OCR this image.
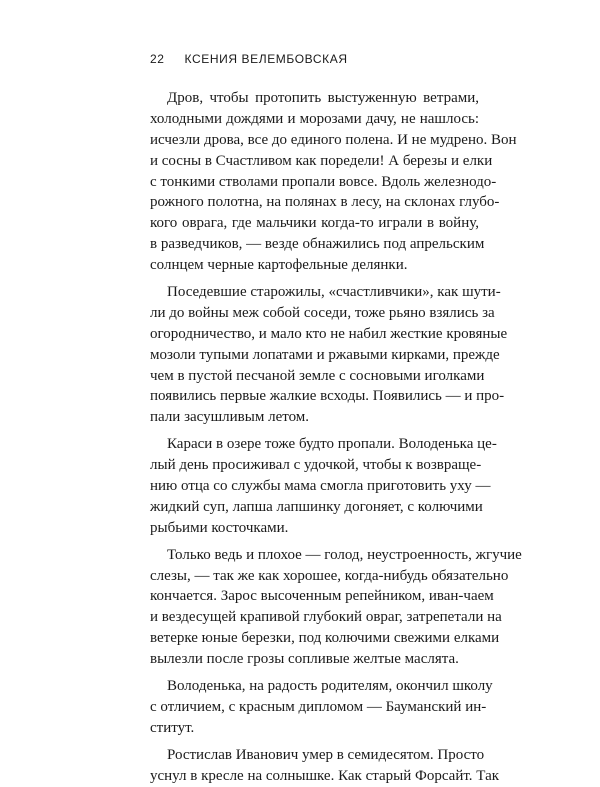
22 КСЕНИЯ ВЕЛЕМБОВСКАЯ
Дров, чтобы протопить выстуженную ветрами,
холодными дождями и морозами дачу, не нашлось:
исчезли дрова, все до единого полена. И не мудрено. Вон
и сосны в Счастливом как поредели! А березы и елки
с тонкими стволами пропали вовсе. Вдоль железнодо-
рожного полотна, на полянах в лесу, на склонах глубо-
кого оврага, где мальчики когда-то играли в войну,
в разведчиков, — везде обнажились под апрельским
солнцем черные картофельные делянки.
Поседевшие старожилы, «счастливчики», как шути-
ли до войны меж собой соседи, тоже рьяно взялись за
огородничество, и мало кто не набил жесткие кровяные
мозоли тупыми лопатами и ржавыми кирками, прежде
чем в пустой песчаной земле с сосновыми иголками
появились первые жалкие всходы. Появились — и про-
пали засушливым летом.
Караси в озере тоже будто пропали. Володенька це-
лый день просиживал с удочкой, чтобы к возвраще-
нию отца со службы мама смогла приготовить уху —
жидкий суп, лапша лапшинку догоняет, с колючими
рыбьими косточками.
Только ведь и плохое — голод, неустроенность, жгучие
слезы, — так же как хорошее, когда-нибудь обязательно
кончается. Зарос высоченным репейником, иван-чаем
и вездесущей крапивой глубокий овраг, затрепетали на
ветерке юные березки, под колючими свежими елками
вылезли после грозы сопливые желтые маслята.
Володенька, на радость родителям, окончил школу
с отличием, с красным дипломом — Бауманский ин-
ститут.
Ростислав Иванович умер в семидесятом. Просто
уснул в кресле на солнышке. Как старый Форсайт. Так
